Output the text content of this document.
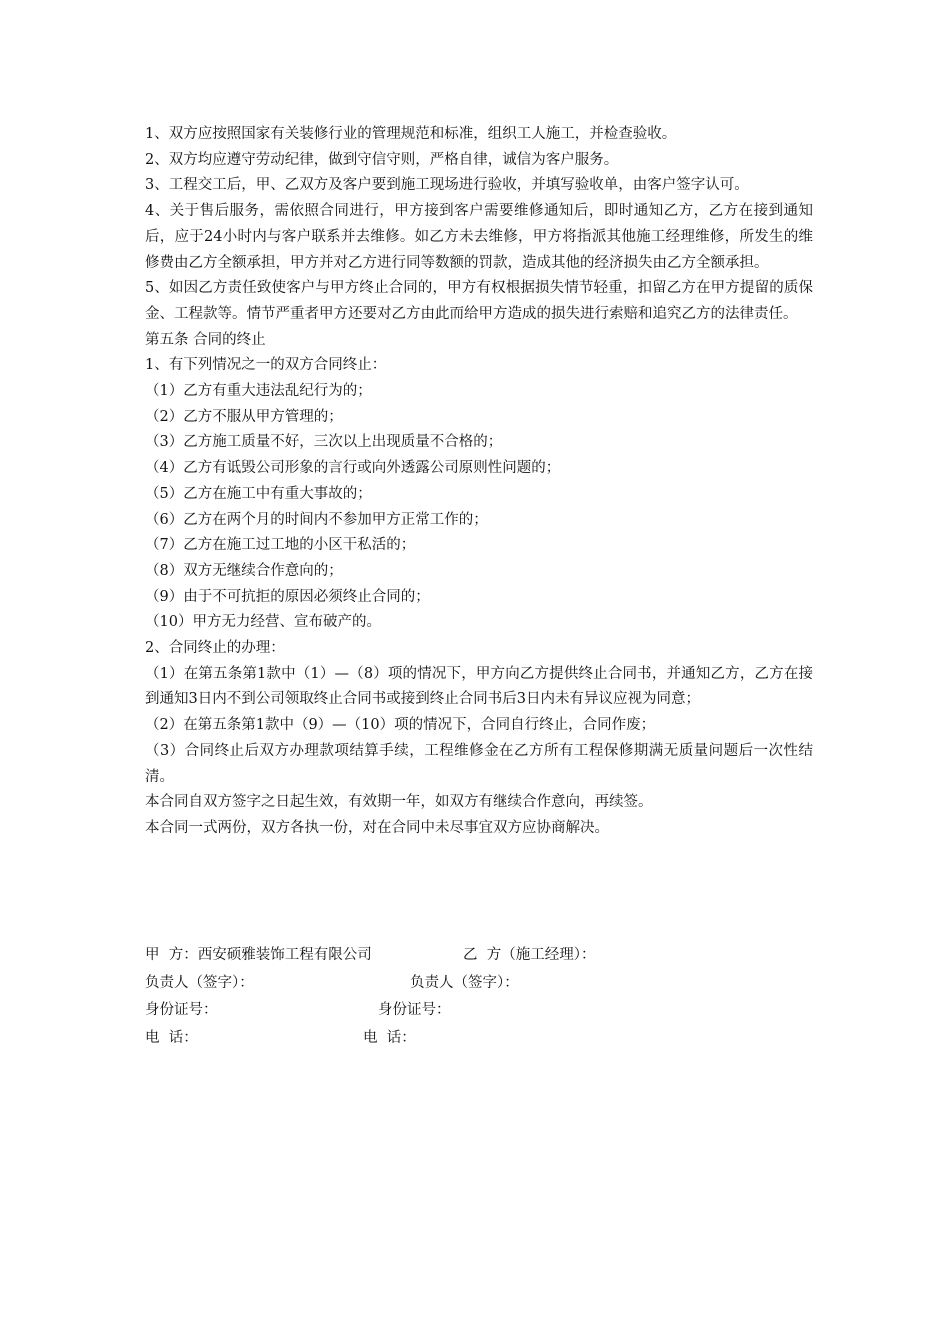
1、双方应按照国家有关装修行业的管理规范和标准，组织工人施工，并检查验收。

2、双方均应遵守劳动纪律，做到守信守则，严格自律，诚信为客户服务。

3、工程交工后，甲、乙双方及客户要到施工现场进行验收，并填写验收单，由客户签字认可。

4、关于售后服务，需依照合同进行，甲方接到客户需要维修通知后，即时通知乙方，乙方在接到通知后，应于24小时内与客户联系并去维修。如乙方未去维修，甲方将指派其他施工经理维修，所发生的维修费由乙方全额承担，甲方并对乙方进行同等数额的罚款，造成其他的经济损失由乙方全额承担。

5、如因乙方责任致使客户与甲方终止合同的，甲方有权根据损失情节轻重，扣留乙方在甲方提留的质保金、工程款等。情节严重者甲方还要对乙方由此而给甲方造成的损失进行索赔和追究乙方的法律责任。

第五条 合同的终止

1、有下列情况之一的双方合同终止：

（1）乙方有重大违法乱纪行为的；

（2）乙方不服从甲方管理的；

（3）乙方施工质量不好，三次以上出现质量不合格的；

（4）乙方有诋毁公司形象的言行或向外透露公司原则性问题的；

（5）乙方在施工中有重大事故的；

（6）乙方在两个月的时间内不参加甲方正常工作的；

（7）乙方在施工过工地的小区干私活的；

（8）双方无继续合作意向的；

（9）由于不可抗拒的原因必须终止合同的；

（10）甲方无力经营、宣布破产的。

2、合同终止的办理：

（1）在第五条第1款中（1）—（8）项的情况下，甲方向乙方提供终止合同书，并通知乙方，乙方在接到通知3日内不到公司领取终止合同书或接到终止合同书后3日内未有异议应视为同意；

（2）在第五条第1款中（9）—（10）项的情况下，合同自行终止，合同作废；

（3）合同终止后双方办理款项结算手续，工程维修金在乙方所有工程保修期满无质量问题后一次性结清。

本合同自双方签字之日起生效，有效期一年，如双方有继续合作意向，再续签。

本合同一式两份，双方各执一份，对在合同中未尽事宜双方应协商解决。

甲  方：西安硕雅装饰工程有限公司	乙  方（施工经理）：
负责人（签字）：	负责人（签字）：
身份证号：	身份证号：
电  话：	电  话：
